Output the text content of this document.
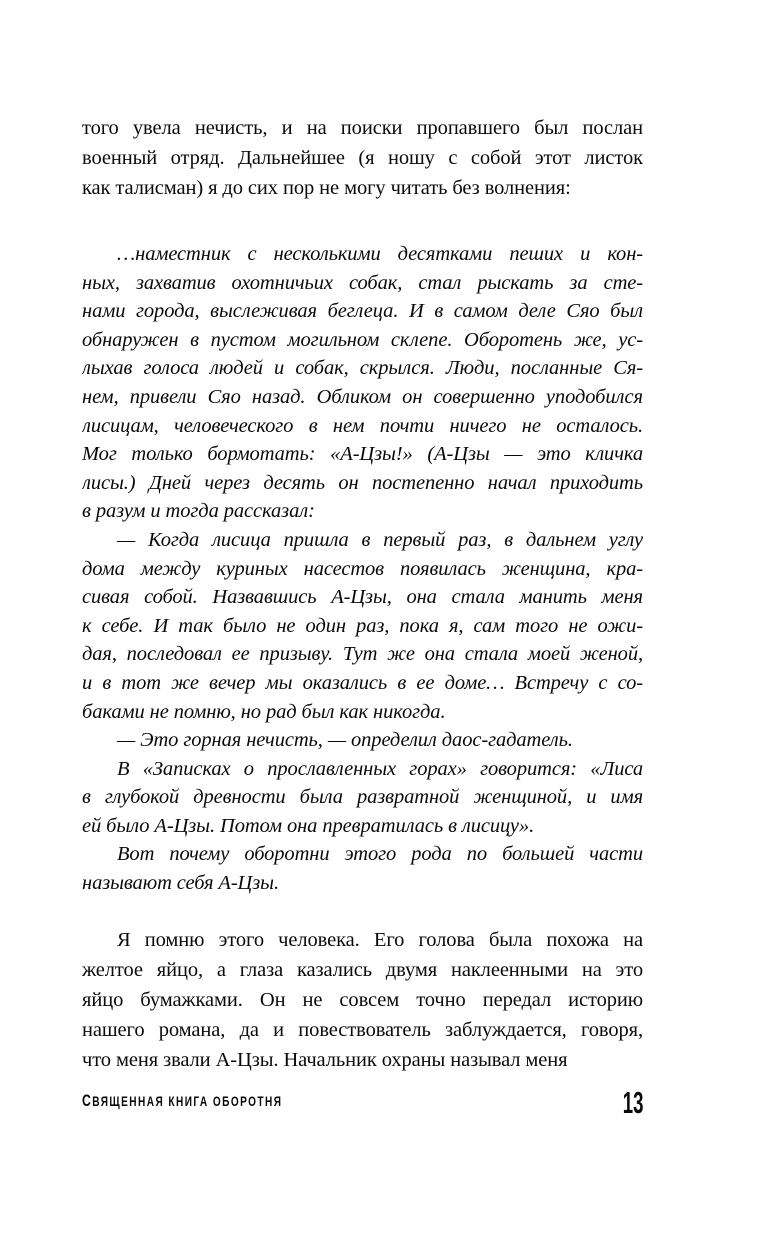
того увела нечисть, и на поиски пропавшего был послан
военный отряд. Дальнейшее (я ношу с собой этот листок
как талисман) я до сих пор не могу читать без волнения:
…наместник с несколькими десятками пеших и кон-
ных, захватив охотничьих собак, стал рыскать за сте-
нами города, выслеживая беглеца. И в самом деле Сяо был
обнаружен в пустом могильном склепе. Оборотень же, ус-
лыхав голоса людей и собак, скрылся. Люди, посланные Ся-
нем, привели Сяо назад. Обликом он совершенно уподобился
лисицам, человеческого в нем почти ничего не осталось.
Мог только бормотать: «А-Цзы!» (А-Цзы — это кличка
лисы.) Дней через десять он постепенно начал приходить
в разум и тогда рассказал:
— Когда лисица пришла в первый раз, в дальнем углу
дома между куриных насестов появилась женщина, кра-
сивая собой. Назвавшись А-Цзы, она стала манить меня
к себе. И так было не один раз, пока я, сам того не ожи-
дая, последовал ее призыву. Тут же она стала моей женой,
и в тот же вечер мы оказались в ее доме… Встречу с со-
баками не помню, но рад был как никогда.
— Это горная нечисть, — определил даос-гадатель.
В «Записках о прославленных горах» говорится: «Лиса
в глубокой древности была развратной женщиной, и имя
ей было А-Цзы. Потом она превратилась в лисицу».
Вот почему оборотни этого рода по большей части
называют себя А-Цзы.
Я помню этого человека. Его голова была похожа на
желтое яйцо, а глаза казались двумя наклеенными на это
яйцо бумажками. Он не совсем точно передал историю
нашего романа, да и повествователь заблуждается, говоря,
что меня звали А-Цзы. Начальник охраны называл меня
СВЯЩЕННАЯ КНИГА ОБОРОТНЯ	13
